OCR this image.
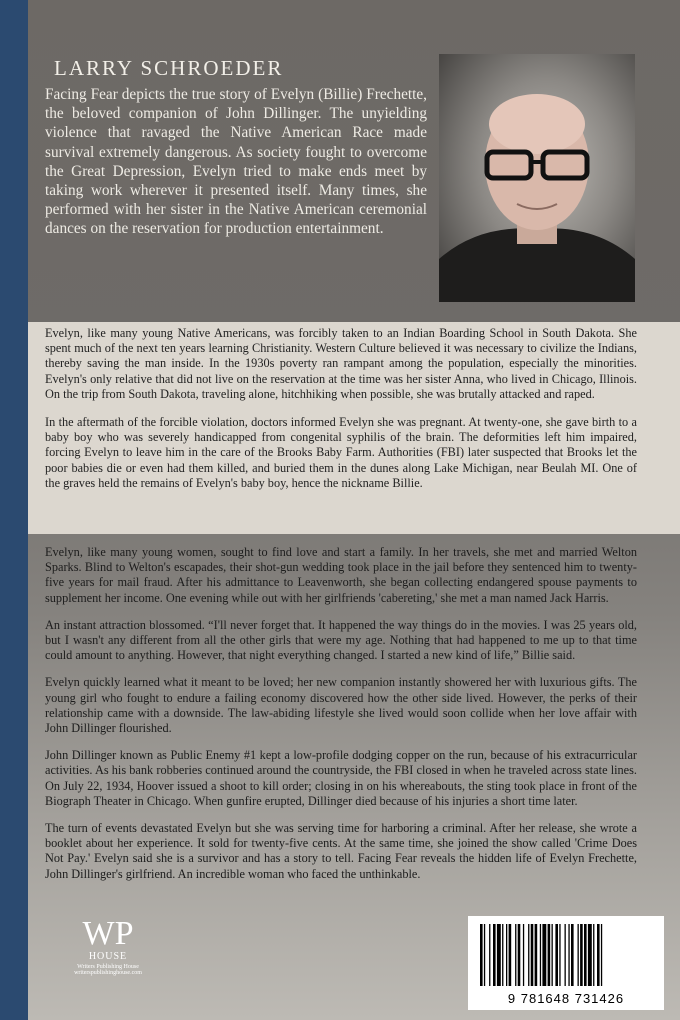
LARRY SCHROEDER

Facing Fear depicts the true story of Evelyn (Billie) Frechette, the beloved companion of John Dillinger. The unyielding violence that ravaged the Native American Race made survival extremely dangerous. As society fought to overcome the Great Depression, Evelyn tried to make ends meet by taking work wherever it presented itself. Many times, she performed with her sister in the Native American ceremonial dances on the reservation for production entertainment.

Evelyn, like many young Native Americans, was forcibly taken to an Indian Boarding School in South Dakota. She spent much of the next ten years learning Christianity. Western Culture believed it was necessary to civilize the Indians, thereby saving the man inside. In the 1930s poverty ran rampant among the population, especially the minorities. Evelyn's only relative that did not live on the reservation at the time was her sister Anna, who lived in Chicago, Illinois. On the trip from South Dakota, traveling alone, hitchhiking when possible, she was brutally attacked and raped.

In the aftermath of the forcible violation, doctors informed Evelyn she was pregnant. At twenty-one, she gave birth to a baby boy who was severely handicapped from congenital syphilis of the brain. The deformities left him impaired, forcing Evelyn to leave him in the care of the Brooks Baby Farm. Authorities (FBI) later suspected that Brooks let the poor babies die or even had them killed, and buried them in the dunes along Lake Michigan, near Beulah MI. One of the graves held the remains of Evelyn's baby boy, hence the nickname Billie.

Evelyn, like many young women, sought to find love and start a family. In her travels, she met and married Welton Sparks. Blind to Welton's escapades, their shot-gun wedding took place in the jail before they sentenced him to twenty-five years for mail fraud. After his admittance to Leavenworth, she began collecting endangered spouse payments to supplement her income. One evening while out with her girlfriends 'cabereting,' she met a man named Jack Harris.

An instant attraction blossomed. “I'll never forget that. It happened the way things do in the movies. I was 25 years old, but I wasn't any different from all the other girls that were my age. Nothing that had happened to me up to that time could amount to anything. However, that night everything changed. I started a new kind of life,” Billie said.

Evelyn quickly learned what it meant to be loved; her new companion instantly showered her with luxurious gifts. The young girl who fought to endure a failing economy discovered how the other side lived. However, the perks of their relationship came with a downside. The law-abiding lifestyle she lived would soon collide when her love affair with John Dillinger flourished.

John Dillinger known as Public Enemy #1 kept a low-profile dodging copper on the run, because of his extracurricular activities. As his bank robberies continued around the countryside, the FBI closed in when he traveled across state lines. On July 22, 1934, Hoover issued a shoot to kill order; closing in on his whereabouts, the sting took place in front of the Biograph Theater in Chicago. When gunfire erupted, Dillinger died because of his injuries a short time later.

The turn of events devastated Evelyn but she was serving time for harboring a criminal. After her release, she wrote a booklet about her experience. It sold for twenty-five cents. At the same time, she joined the show called 'Crime Does Not Pay.' Evelyn said she is a survivor and has a story to tell. Facing Fear reveals the hidden life of Evelyn Frechette, John Dillinger's girlfriend. An incredible woman who faced the unthinkable.

WP

HOUSE

Writers Publishing House

writerspublishinghouse.com

9 781648 731426
